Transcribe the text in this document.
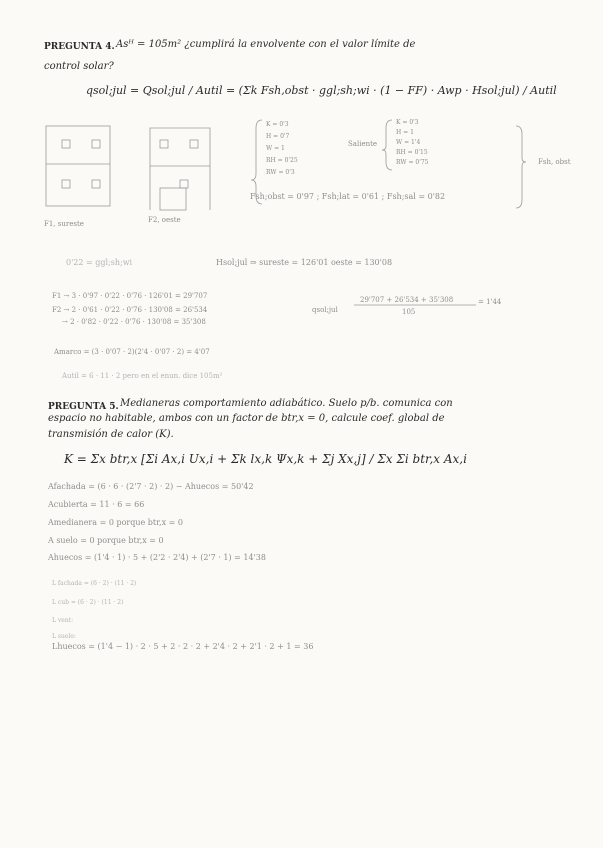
PREGUNTA 4. Asᵸ = 105m² ¿cumplirá la envolvente con el valor límite de
control solar?
qsol;jul = Qsol;jul / Autil = (Σk Fsh,obst · ggl;sh;wi · (1 − FF) · Awp · Hsol;jul) / Autil
F1, sureste	F2, oeste
K = 0'3
H = 0'7
W = 1
RH = 0'25
RW = 0'3
Saliente
K = 0'3
H = 1
W = 1'4
RH = 0'15
RW = 0'75	Fsh, obst
Fsh;obst = 0'97 ; Fsh;lat = 0'61 ; Fsh;sal = 0'82
0'22 = ggl;sh;wi	Hsol;jul ⇒ sureste = 126'01 oeste = 130'08
F1 → 3 · 0'97 · 0'22 · 0'76 · 126'01 = 29'707
F2 → 2 · 0'61 · 0'22 · 0'76 · 130'08 = 26'534
→ 2 · 0'82 · 0'22 · 0'76 · 130'08 = 35'308
qsol;jul
29'707 + 26'534 + 35'308
105
= 1'44
Amarco = (3 · 0'07 · 2)(2'4 · 0'07 · 2) = 4'07
Autil = 6 · 11 · 2 pero en el enun. dice 105m²
PREGUNTA 5. Medianeras comportamiento adiabático. Suelo p/b. comunica con
espacio no habitable, ambos con un factor de btr,x = 0, calcule coef. global de
transmisión de calor (K).
K = Σx btr,x [Σi Ax,i Ux,i + Σk lx,k Ψx,k + Σj Xx,j] / Σx Σi btr,x Ax,i
Afachada = (6 · 6 · (2'7 · 2) · 2) − Ahuecos = 50'42
Acubierta = 11 · 6 = 66
Amedianera = 0 porque btr,x = 0
A suelo = 0 porque btr,x = 0
Ahuecos = (1'4 · 1) · 5 + (2'2 · 2'4) + (2'7 · 1) = 14'38
L fachada = (6 · 2) · (11 · 2)
L cub = (6 · 2) · (11 · 2)
L vent:
L suelo:
Lhuecos = (1'4 − 1) · 2 · 5 + 2 · 2 · 2 + 2'4 · 2 + 2'1 · 2 + 1 = 36
